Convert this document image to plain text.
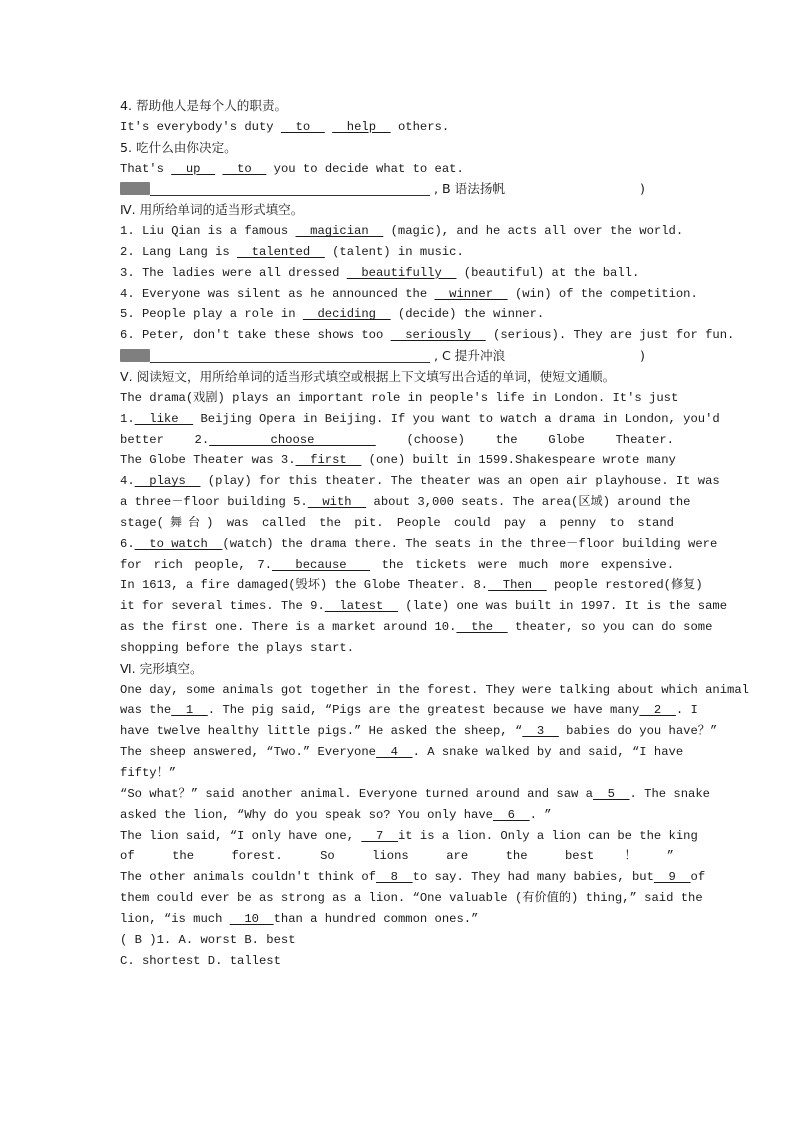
4. 帮助他人是每个人的职责。
It's everybody's duty   to     help   others.
5. 吃什么由你决定。
That's   up     to   you to decide what to eat.
, B 语法扬帆	)
Ⅳ. 用所给单词的适当形式填空。
1. Liu Qian is a famous   magician   (magic), and he acts all over the world.
2. Lang Lang is   talented   (talent) in music.
3. The ladies were all dressed   beautifully   (beautiful) at the ball.
4. Everyone was silent as he announced the   winner   (win) of the competition.
5. People play a role in   deciding   (decide) the winner.
6. Peter, don't take these shows too   seriously   (serious). They are just for fun.
, C 提升冲浪	)
Ⅴ. 阅读短文，用所给单词的适当形式填空或根据上下文填写出合适的单词，使短文通顺。
The drama(戏剧) plays an important role in people's life in London. It's just
1.  like   Beijing Opera in Beijing. If you want to watch a drama in London, you'd
better 2.  choose   (choose) the Globe Theater.
The Globe Theater was 3.  first   (one) built in 1599.Shakespeare wrote many
4.  plays   (play) for this theater. The theater was an open air playhouse. It was
a three－floor building 5.  with   about 3,000 seats. The area(区域) around the
stage(舞台) was called the pit. People could pay a penny to stand
6.  to watch  (watch) the drama there. The seats in the three－floor building were
for rich people, 7.  because   the tickets were much more expensive.
In 1613, a fire damaged(毁坏) the Globe Theater. 8.  Then   people restored(修复)
it for several times. The 9.  latest   (late) one was built in 1997. It is the same
as the first one. There is a market around 10.  the   theater, so you can do some
shopping before the plays start.
Ⅵ. 完形填空。
One day, some animals got together in the forest. They were talking about which animal
was the  1  . The pig said, “Pigs are the greatest because we have many  2  . I
have twelve healthy little pigs.” He asked the sheep, “  3   babies do you have？”
The sheep answered, “Two.” Everyone  4  . A snake walked by and said, “I have
fifty！”
“So what？” said another animal. Everyone turned around and saw a  5  . The snake
asked the lion, “Why do you speak so? You only have  6  . ”
The lion said, “I only have one,   7  it is a lion. Only a lion can be the king
of the forest. So lions are the best！”
The other animals couldn't think of  8  to say. They had many babies, but  9  of
them could ever be as strong as a lion. “One valuable (有价值的) thing,” said the
lion, “is much   10  than a hundred common ones.”
( B )1. A. worst B. best
C. shortest D. tallest
